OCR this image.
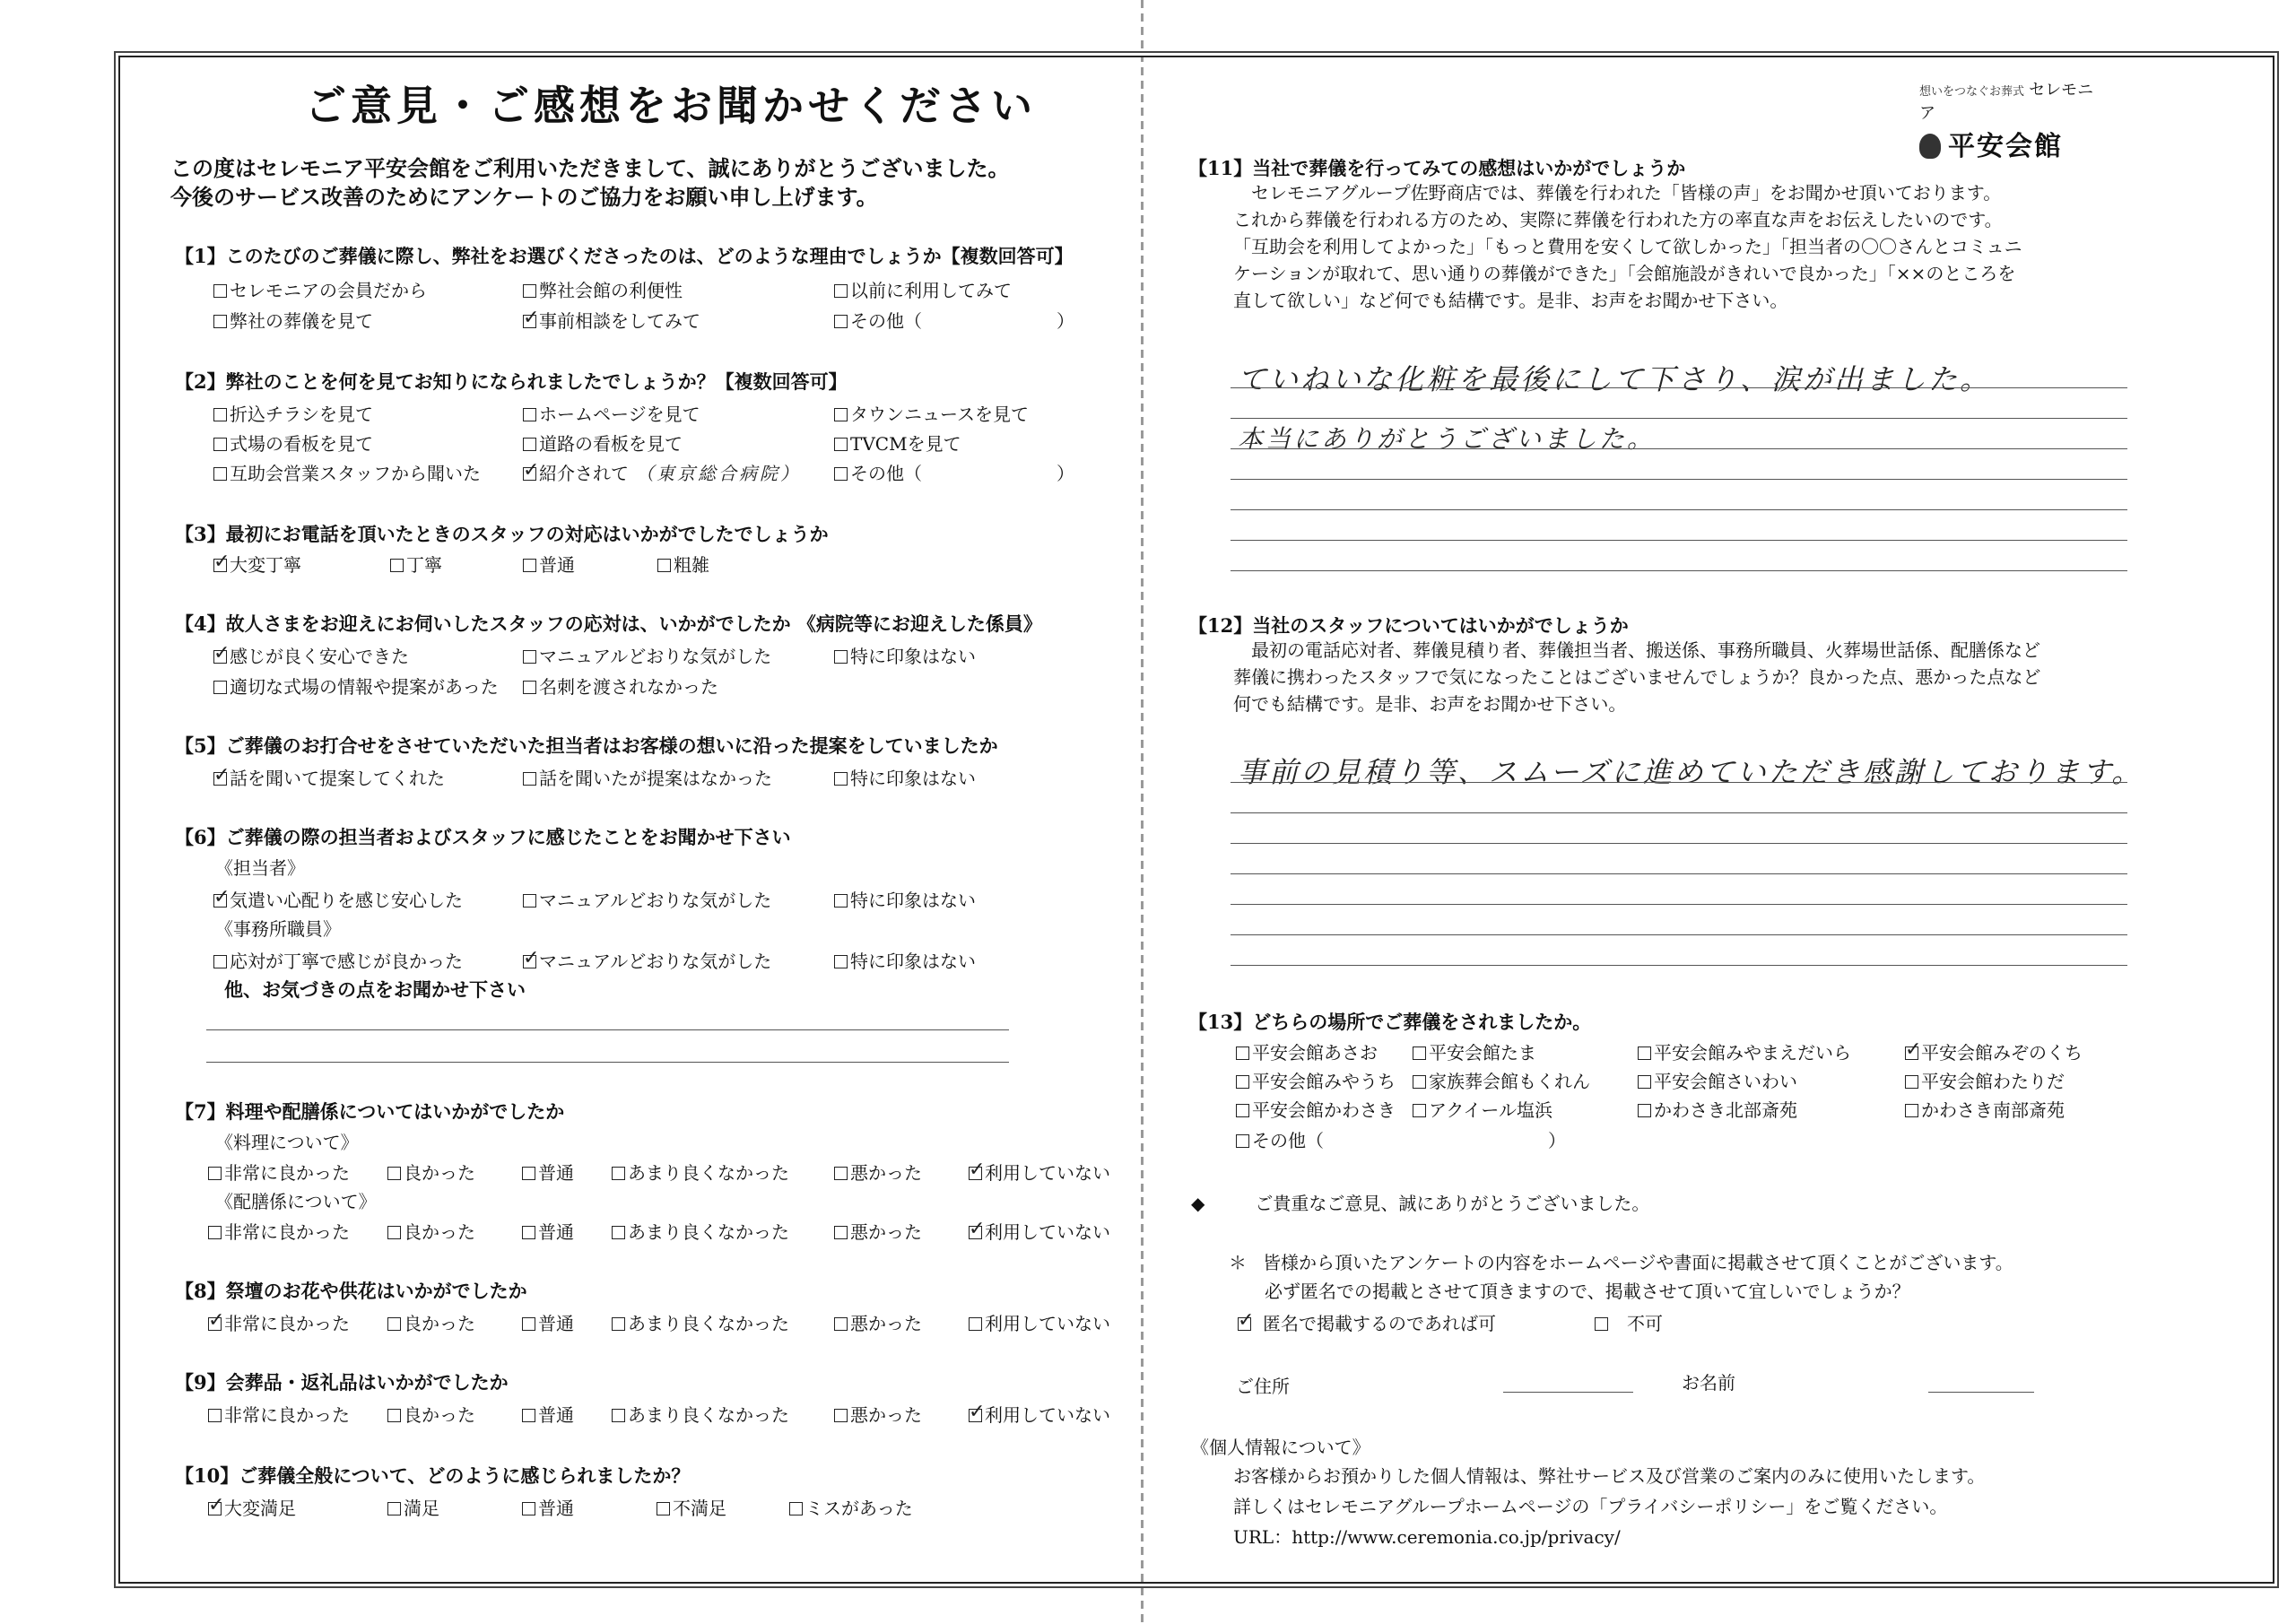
ご意見・ご感想をお聞かせください
この度はセレモニア平安会館をご利用いただきまして、誠にありがとうございました。
今後のサービス改善のためにアンケートのご協力をお願い申し上げます。
【1】このたびのご葬儀に際し、弊社をお選びくださったのは、どのような理由でしょうか【複数回答可】
セレモニアの会員だから	弊社会館の利便性	以前に利用してみて
弊社の葬儀を見て ✓	事前相談をしてみて	その他（	）
【2】弊社のことを何を見てお知りになられましたでしょうか？【複数回答可】
折込チラシを見て	ホームページを見て	タウンニュースを見て
式場の看板を見て	道路の看板を見て	TVCMを見て
互助会営業スタッフから聞いた ✓	紹介されて （東京総合病院）	その他（	）
【3】最初にお電話を頂いたときのスタッフの対応はいかがでしたでしょうか
✓大変丁寧	丁寧	普通	粗雑
【4】故人さまをお迎えにお伺いしたスタッフの応対は、いかがでしたか 《病院等にお迎えした係員》
✓感じが良く安心できた	マニュアルどおりな気がした	特に印象はない
適切な式場の情報や提案があった	名刺を渡されなかった
【5】ご葬儀のお打合せをさせていただいた担当者はお客様の想いに沿った提案をしていましたか
✓話を聞いて提案してくれた	話を聞いたが提案はなかった	特に印象はない
【6】ご葬儀の際の担当者およびスタッフに感じたことをお聞かせ下さい
《担当者》
✓気遣い心配りを感じ安心した	マニュアルどおりな気がした	特に印象はない
《事務所職員》
応対が丁寧で感じが良かった ✓	マニュアルどおりな気がした	特に印象はない
他、お気づきの点をお聞かせ下さい
【7】料理や配膳係についてはいかがでしたか
《料理について》
非常に良かった	良かった	普通	あまり良くなかった	悪かった ✓	利用していない
《配膳係について》
非常に良かった	良かった	普通	あまり良くなかった	悪かった ✓	利用していない
【8】祭壇のお花や供花はいかがでしたか
✓非常に良かった	良かった	普通	あまり良くなかった	悪かった	利用していない
【9】会葬品・返礼品はいかがでしたか
非常に良かった	良かった	普通	あまり良くなかった	悪かった ✓	利用していない
【10】ご葬儀全般について、どのように感じられましたか？
✓大変満足	満足	普通	不満足	ミスがあった
想いをつなぐお葬式 セレモニア
平安会館
【11】当社で葬儀を行ってみての感想はいかがでしょうか
セレモニアグループ佐野商店では、葬儀を行われた「皆様の声」をお聞かせ頂いております。
これから葬儀を行われる方のため、実際に葬儀を行われた方の率直な声をお伝えしたいのです。
「互助会を利用してよかった」「もっと費用を安くして欲しかった」「担当者の〇〇さんとコミュニ
ケーションが取れて、思い通りの葬儀ができた」「会館施設がきれいで良かった」「××のところを
直して欲しい」など何でも結構です。是非、お声をお聞かせ下さい。
ていねいな化粧を最後にして下さり、涙が出ました。
本当にありがとうございました。
【12】当社のスタッフについてはいかがでしょうか
最初の電話応対者、葬儀見積り者、葬儀担当者、搬送係、事務所職員、火葬場世話係、配膳係など
葬儀に携わったスタッフで気になったことはございませんでしょうか？良かった点、悪かった点など
何でも結構です。是非、お声をお聞かせ下さい。
事前の見積り等、スムーズに進めていただき感謝しております。
【13】どちらの場所でご葬儀をされましたか。
平安会館あさお	平安会館たま	平安会館みやまえだいら ✓	平安会館みぞのくち
平安会館みやうち	家族葬会館もくれん	平安会館さいわい	平安会館わたりだ
平安会館かわさき	アクイール塩浜	かわさき北部斎苑	かわさき南部斎苑
その他（	）
◆	ご貴重なご意見、誠にありがとうございました。
＊ 皆様から頂いたアンケートの内容をホームページや書面に掲載させて頂くことがございます。
必ず匿名での掲載とさせて頂きますので、掲載させて頂いて宜しいでしょうか？
✓匿名で掲載するのであれば可	不可
ご住所	お名前
《個人情報について》
お客様からお預かりした個人情報は、弊社サービス及び営業のご案内のみに使用いたします。
詳しくはセレモニアグループホームページの「プライバシーポリシー」をご覧ください。
URL：http://www.ceremonia.co.jp/privacy/
